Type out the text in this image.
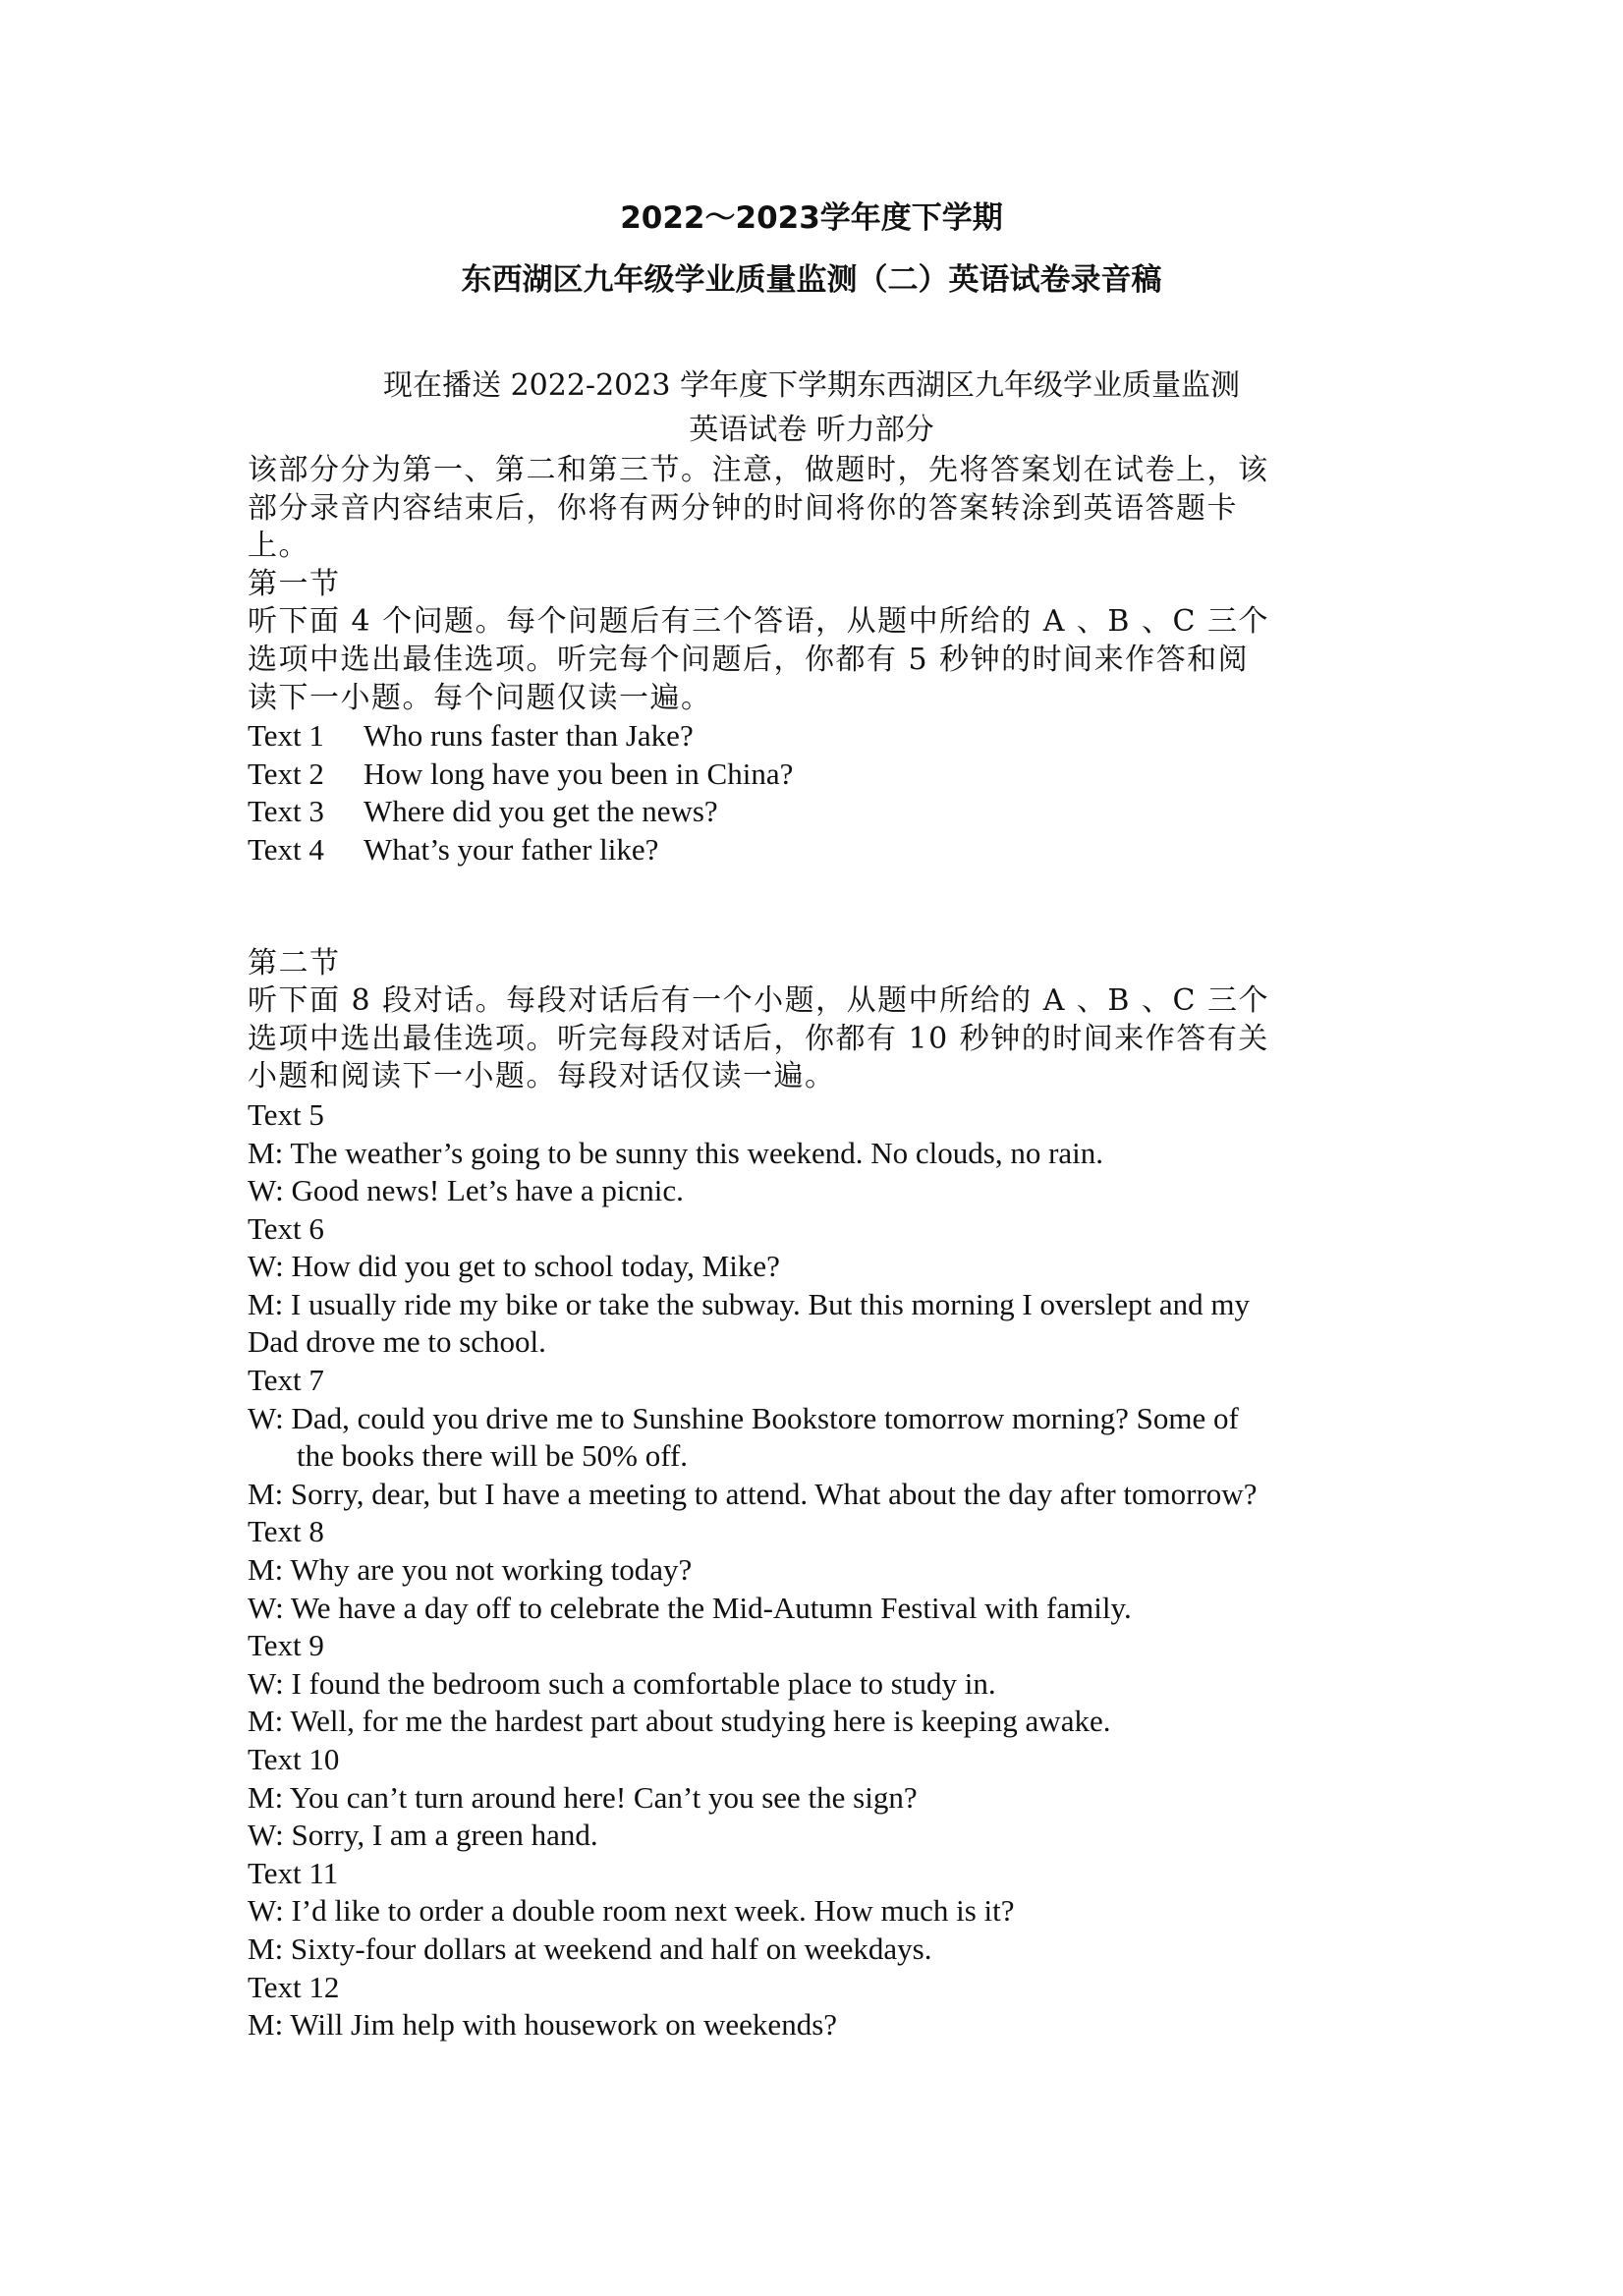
2022～2023学年度下学期
东西湖区九年级学业质量监测（二）英语试卷录音稿
现在播送 2022-2023 学年度下学期东西湖区九年级学业质量监测
英语试卷 听力部分
该部分分为第一、第二和第三节。注意，做题时，先将答案划在试卷上，该
部分录音内容结束后，你将有两分钟的时间将你的答案转涂到英语答题卡
上。
第一节
听下面 4 个问题。每个问题后有三个答语，从题中所给的 A 、B 、C 三个
选项中选出最佳选项。听完每个问题后，你都有 5 秒钟的时间来作答和阅
读下一小题。每个问题仅读一遍。
Text 1 Who runs faster than Jake?
Text 2 How long have you been in China?
Text 3 Where did you get the news?
Text 4 What’s your father like?
第二节
听下面 8 段对话。每段对话后有一个小题，从题中所给的 A 、B 、C 三个
选项中选出最佳选项。听完每段对话后，你都有 10 秒钟的时间来作答有关
小题和阅读下一小题。每段对话仅读一遍。
Text 5
M: The weather’s going to be sunny this weekend. No clouds, no rain.
W: Good news! Let’s have a picnic.
Text 6
W: How did you get to school today, Mike?
M: I usually ride my bike or take the subway. But this morning I overslept and my
Dad drove me to school.
Text 7
W: Dad, could you drive me to Sunshine Bookstore tomorrow morning? Some of
the books there will be 50% off.
M: Sorry, dear, but I have a meeting to attend. What about the day after tomorrow?
Text 8
M: Why are you not working today?
W: We have a day off to celebrate the Mid-Autumn Festival with family.
Text 9
W: I found the bedroom such a comfortable place to study in.
M: Well, for me the hardest part about studying here is keeping awake.
Text 10
M: You can’t turn around here! Can’t you see the sign?
W: Sorry, I am a green hand.
Text 11
W: I’d like to order a double room next week. How much is it?
M: Sixty-four dollars at weekend and half on weekdays.
Text 12
M: Will Jim help with housework on weekends?
